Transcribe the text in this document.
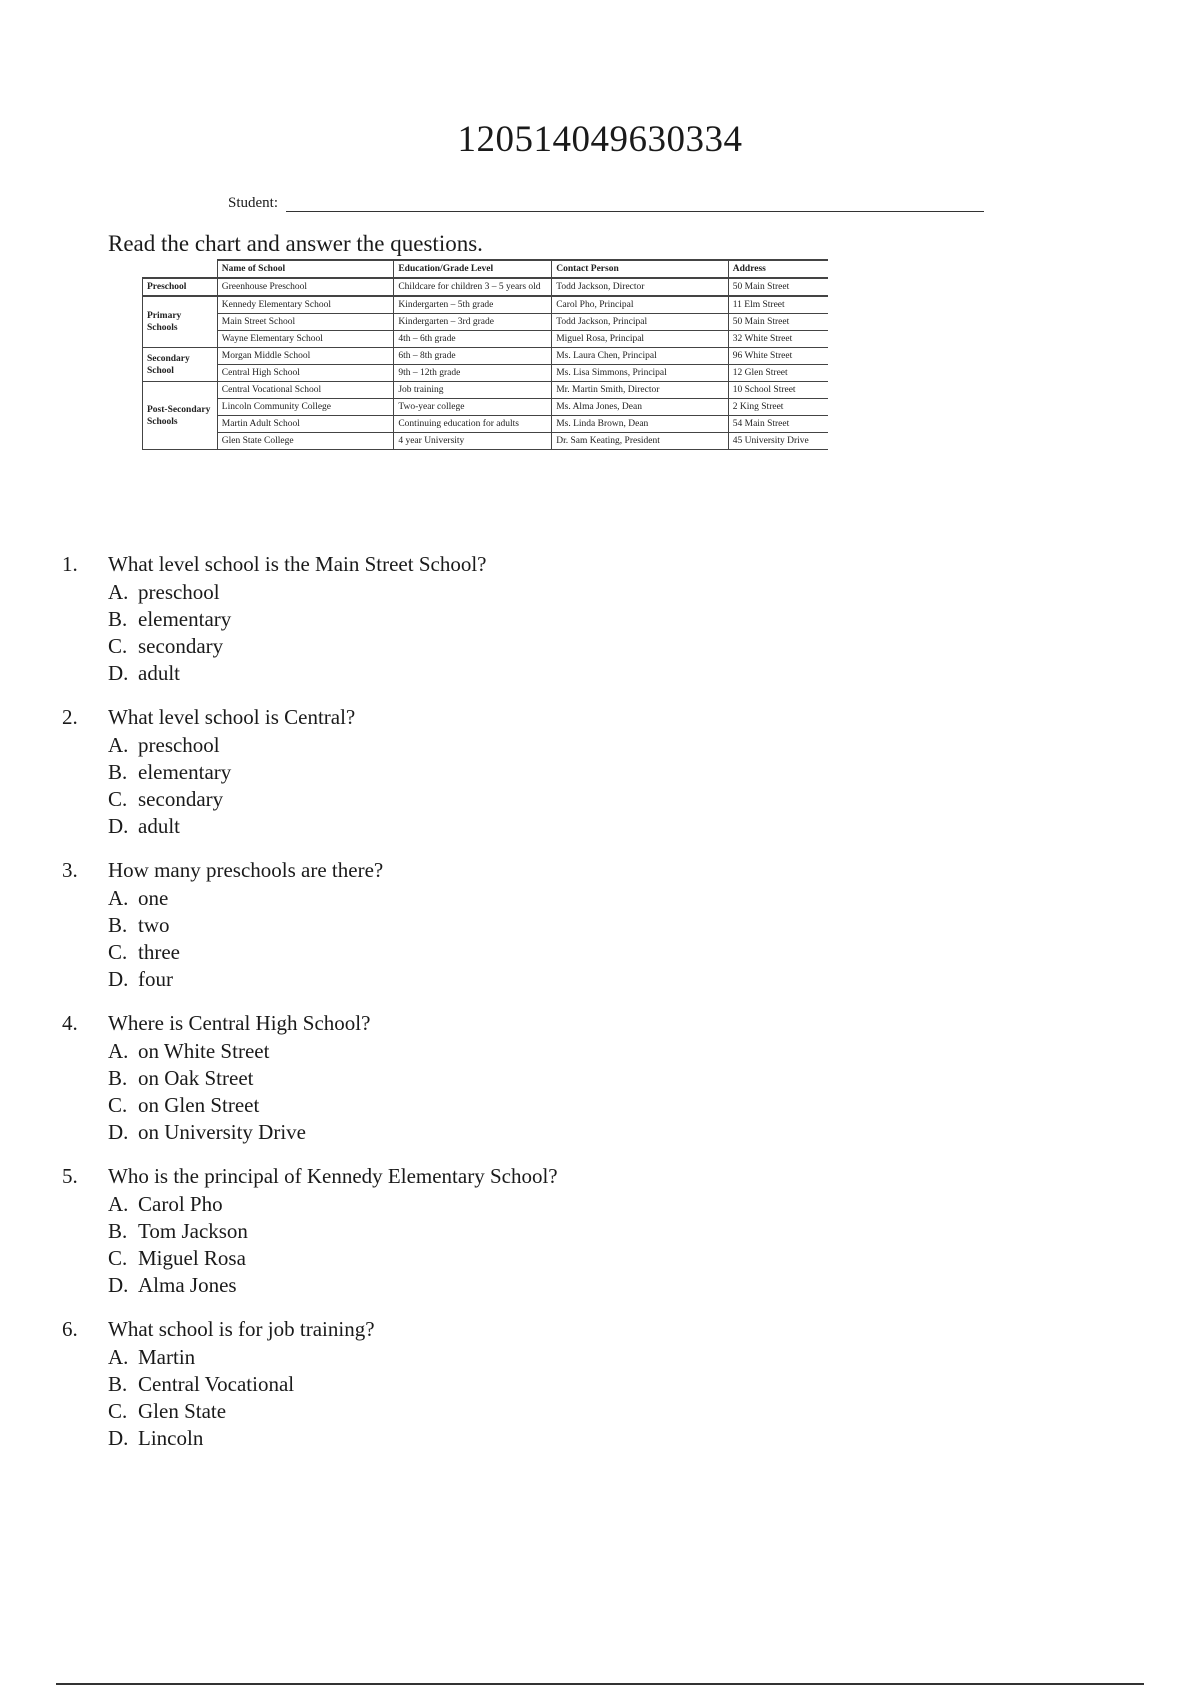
120514049630334
Student:
Read the chart and answer the questions.
	Name of School	Education/Grade Level	Contact Person	Address
Preschool	Greenhouse Preschool	Childcare for children 3 – 5 years old	Todd Jackson, Director	50 Main Street
Primary Schools	Kennedy Elementary School	Kindergarten – 5th grade	Carol Pho, Principal	11 Elm Street
	Main Street School	Kindergarten – 3rd grade	Todd Jackson, Principal	50 Main Street
	Wayne Elementary School	4th – 6th grade	Miguel Rosa, Principal	32 White Street
Secondary School	Morgan Middle School	6th – 8th grade	Ms. Laura Chen, Principal	96 White Street
	Central High School	9th – 12th grade	Ms. Lisa Simmons, Principal	12 Glen Street
Post-Secondary Schools	Central Vocational School	Job training	Mr. Martin Smith, Director	10 School Street
	Lincoln Community College	Two-year college	Ms. Alma Jones, Dean	2 King Street
	Martin Adult School	Continuing education for adults	Ms. Linda Brown, Dean	54 Main Street
	Glen State College	4 year University	Dr. Sam Keating, President	45 University Drive
1.	What level school is the Main Street School?
A. preschool
B. elementary
C. secondary
D. adult
2.	What level school is Central?
A. preschool
B. elementary
C. secondary
D. adult
3.	How many preschools are there?
A. one
B. two
C. three
D. four
4.	Where is Central High School?
A. on White Street
B. on Oak Street
C. on Glen Street
D. on University Drive
5.	Who is the principal of Kennedy Elementary School?
A. Carol Pho
B. Tom Jackson
C. Miguel Rosa
D. Alma Jones
6.	What school is for job training?
A. Martin
B. Central Vocational
C. Glen State
D. Lincoln
